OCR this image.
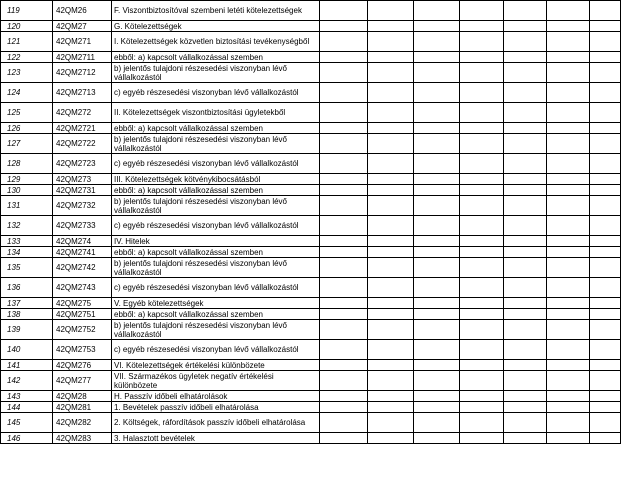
119	42QM26	F. Viszontbiztosítóval szembeni letéti kötelezettségek							
120	42QM27	G. Kötelezettségek							
121	42QM271	I. Kötelezettségek közvetlen biztosítási tevékenységből							
122	42QM2711	ebből: a) kapcsolt vállalkozással szemben							
123	42QM2712	b) jelentős tulajdoni részesedési viszonyban lévő vállalkozástól							
124	42QM2713	c) egyéb részesedési viszonyban lévő vállalkozástól							
125	42QM272	II. Kötelezettségek viszontbiztosítási ügyletekből							
126	42QM2721	ebből: a) kapcsolt vállalkozással szemben							
127	42QM2722	b) jelentős tulajdoni részesedési viszonyban lévő vállalkozástól							
128	42QM2723	c) egyéb részesedési viszonyban lévő vállalkozástól							
129	42QM273	III. Kötelezettségek kötvénykibocsátásból							
130	42QM2731	ebből: a) kapcsolt vállalkozással szemben							
131	42QM2732	b) jelentős tulajdoni részesedési viszonyban lévő vállalkozástól							
132	42QM2733	c) egyéb részesedési viszonyban lévő vállalkozástól							
133	42QM274	IV. Hitelek							
134	42QM2741	ebből: a) kapcsolt vállalkozással szemben							
135	42QM2742	b) jelentős tulajdoni részesedési viszonyban lévő vállalkozástól							
136	42QM2743	c) egyéb részesedési viszonyban lévő vállalkozástól							
137	42QM275	V. Egyéb kötelezettségek							
138	42QM2751	ebből: a) kapcsolt vállalkozással szemben							
139	42QM2752	b) jelentős tulajdoni részesedési viszonyban lévő vállalkozástól							
140	42QM2753	c) egyéb részesedési viszonyban lévő vállalkozástól							
141	42QM276	VI. Kötelezettségek értékelési különbözete							
142	42QM277	VII. Származékos ügyletek negatív értékelési különbözete							
143	42QM28	H. Passzív időbeli elhatárolások							
144	42QM281	1. Bevételek passzív időbeli elhatárolása							
145	42QM282	2. Költségek, ráfordítások passzív időbeli elhatárolása							
146	42QM283	3. Halasztott bevételek							
